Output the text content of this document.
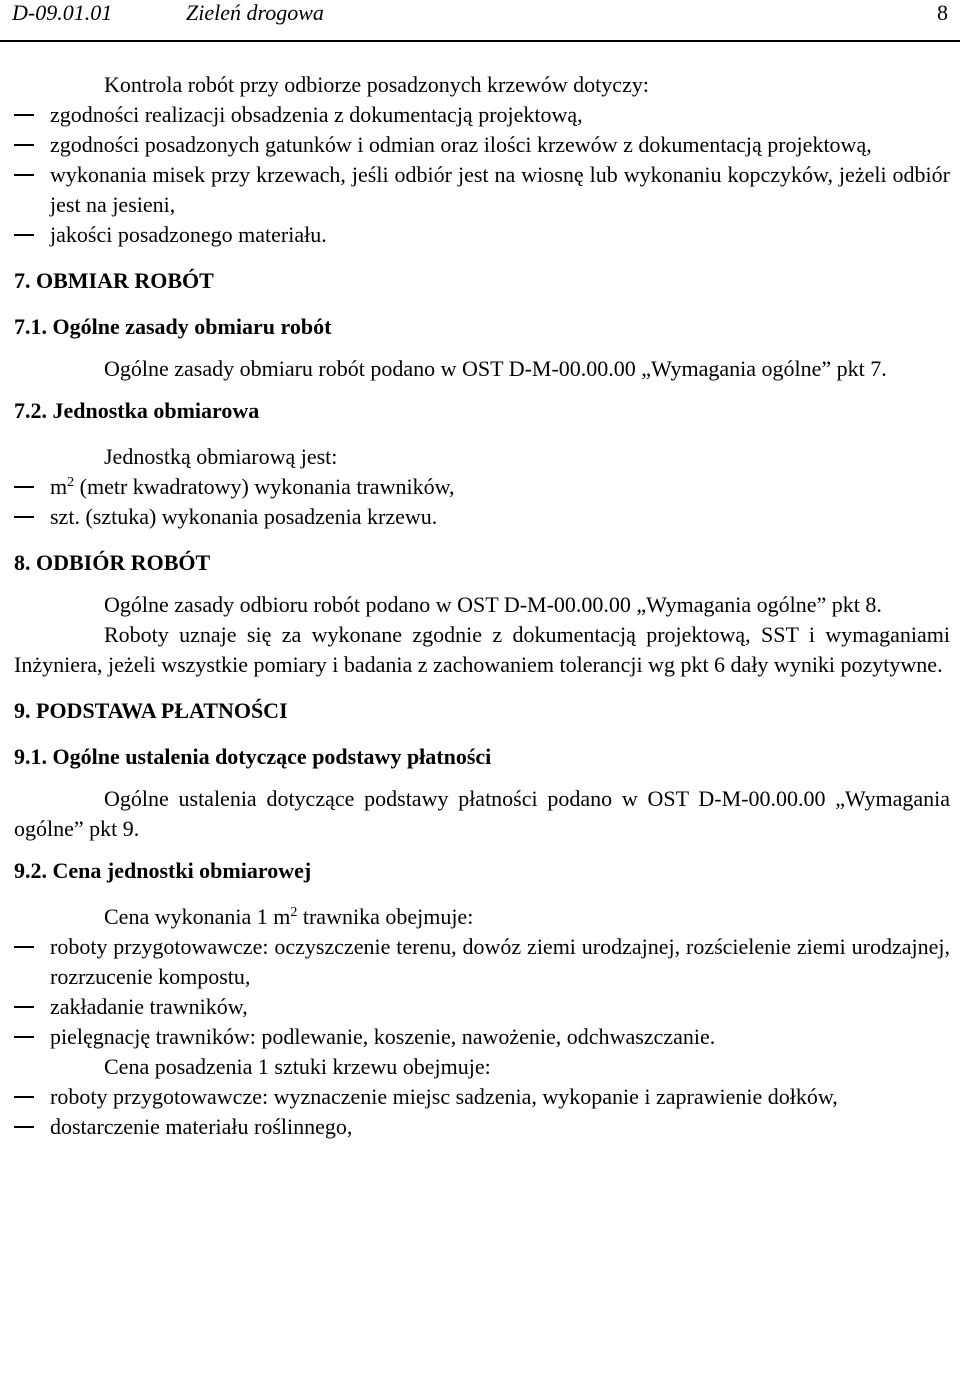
D-09.01.01	Zieleń drogowa	8
Kontrola robót przy odbiorze posadzonych krzewów dotyczy:
zgodności realizacji obsadzenia z dokumentacją projektową,
zgodności posadzonych gatunków i odmian oraz ilości krzewów z dokumentacją projektową,
wykonania misek przy krzewach, jeśli odbiór jest na wiosnę lub wykonaniu kopczyków, jeżeli odbiór jest na jesieni,
jakości posadzonego materiału.
7. OBMIAR ROBÓT
7.1. Ogólne zasady obmiaru robót
Ogólne zasady obmiaru robót podano w OST D-M-00.00.00 „Wymagania ogólne” pkt 7.
7.2. Jednostka obmiarowa
Jednostką obmiarową jest:
$m^2$ (metr kwadratowy) wykonania trawników,
szt. (sztuka) wykonania posadzenia krzewu.
8. ODBIÓR ROBÓT
Ogólne zasady odbioru robót podano w OST D-M-00.00.00 „Wymagania ogólne” pkt 8.
Roboty uznaje się za wykonane zgodnie z dokumentacją projektową, SST i wymaganiami Inżyniera, jeżeli wszystkie pomiary i badania z zachowaniem tolerancji wg pkt 6 dały wyniki pozytywne.
9. PODSTAWA PŁATNOŚCI
9.1. Ogólne ustalenia dotyczące podstawy płatności
Ogólne ustalenia dotyczące podstawy płatności podano w OST D-M-00.00.00 „Wymagania ogólne” pkt 9.
9.2. Cena jednostki obmiarowej
Cena wykonania 1 $m^2$ trawnika obejmuje:
roboty przygotowawcze: oczyszczenie terenu, dowóz ziemi urodzajnej, rozścielenie ziemi urodzajnej, rozrzucenie kompostu,
zakładanie trawników,
pielęgnację trawników: podlewanie, koszenie, nawożenie, odchwaszczanie.
Cena posadzenia 1 sztuki krzewu obejmuje:
roboty przygotowawcze: wyznaczenie miejsc sadzenia, wykopanie i zaprawienie dołków,
dostarczenie materiału roślinnego,
